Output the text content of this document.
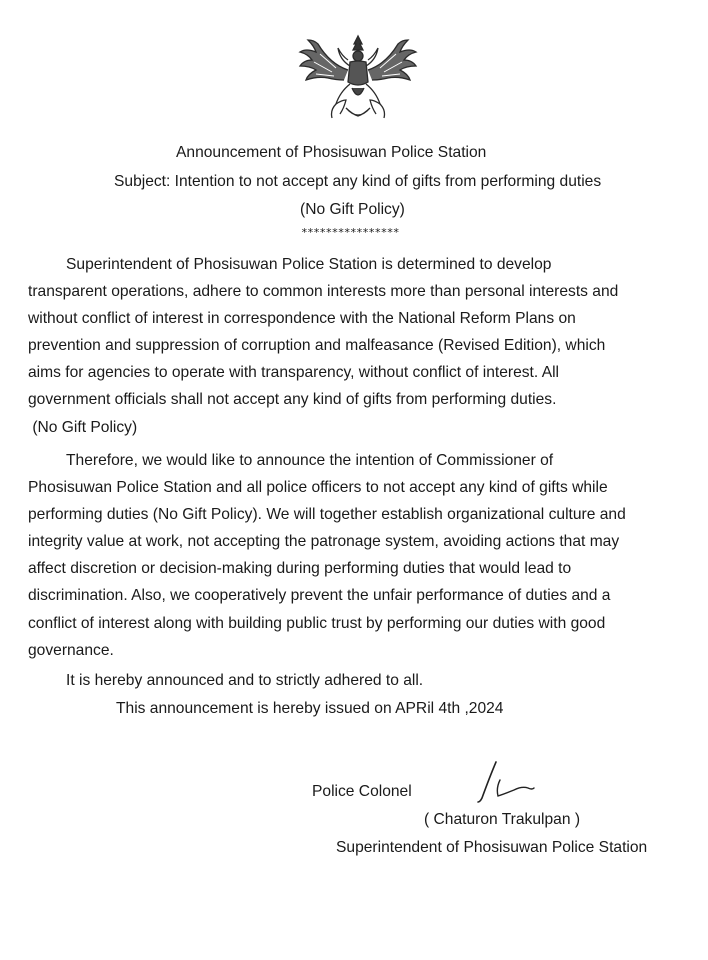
Announcement of Phosisuwan Police Station
Subject: Intention to not accept any kind of gifts from performing duties
(No Gift Policy)
****************
Superintendent of Phosisuwan Police Station is determined to develop
transparent operations, adhere to common interests more than personal interests and
without conflict of interest in correspondence with the National Reform Plans on
prevention and suppression of corruption and malfeasance (Revised Edition), which
aims for agencies to operate with transparency, without conflict of interest. All
government officials shall not accept any kind of gifts from performing duties.
(No Gift Policy)
Therefore, we would like to announce the intention of Commissioner of
Phosisuwan Police Station and all police officers to not accept any kind of gifts while
performing duties (No Gift Policy). We will together establish organizational culture and
integrity value at work, not accepting the patronage system, avoiding actions that may
affect discretion or decision-making during performing duties that would lead to
discrimination. Also, we cooperatively prevent the unfair performance of duties and a
conflict of interest along with building public trust by performing our duties with good
governance.
It is hereby announced and to strictly adhered to all.
This announcement is hereby issued on APRil 4th ,2024
Police Colonel
( Chaturon Trakulpan )
Superintendent of Phosisuwan Police Station
